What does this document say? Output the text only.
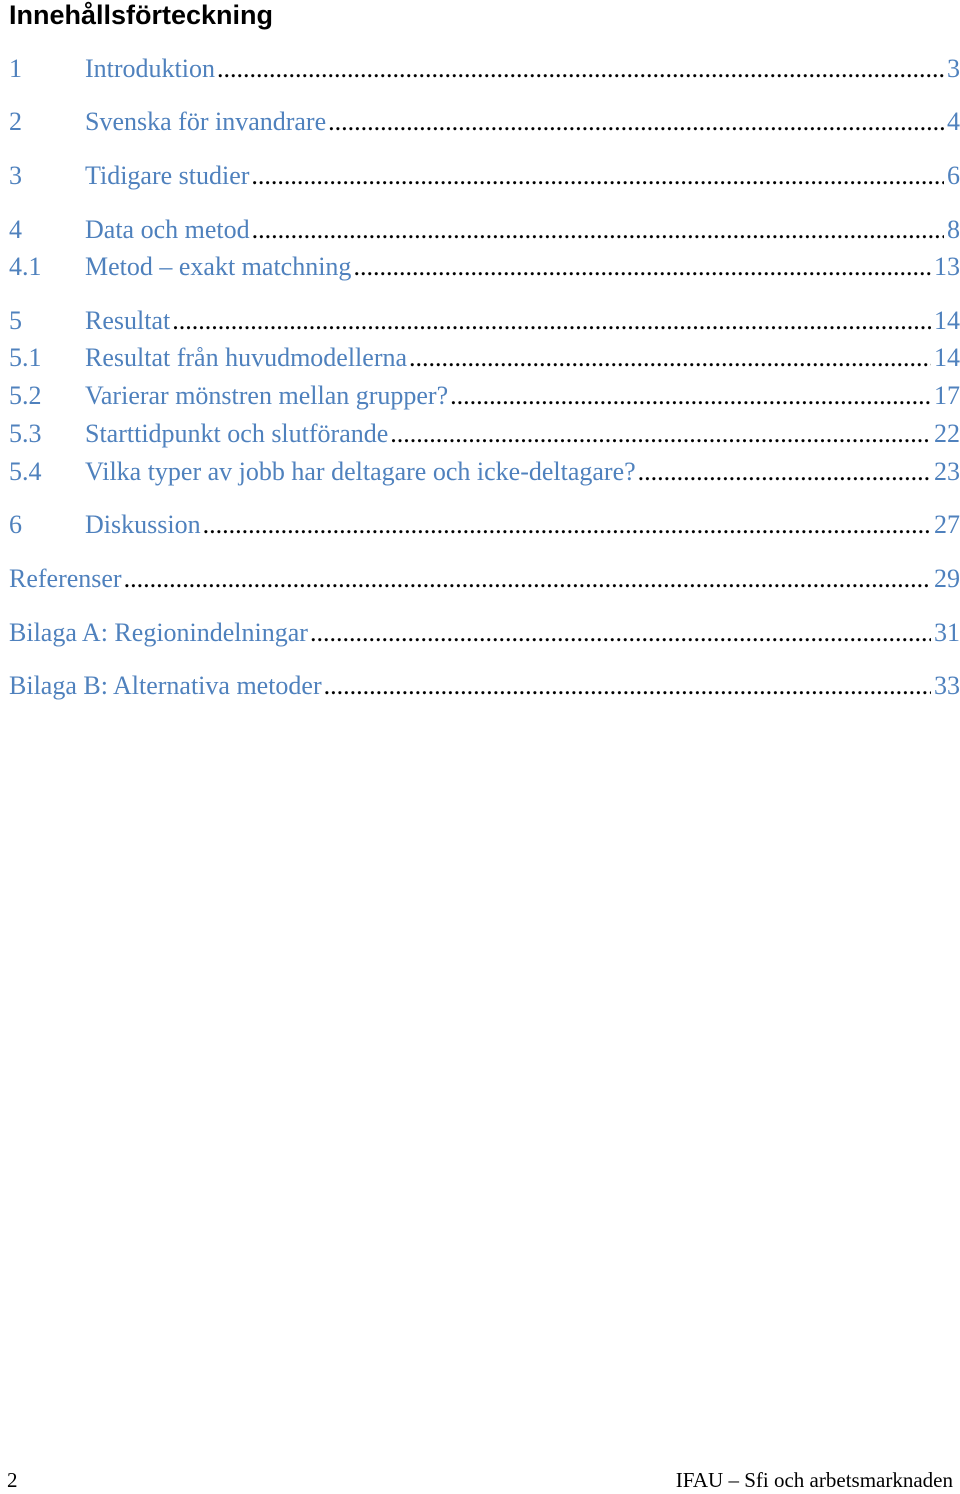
Innehållsförteckning
1	Introduktion .....	3
2	Svenska för invandrare .....	4
3	Tidigare studier .....	6
4	Data och metod .....	8
4.1	Metod – exakt matchning .....	13
5	Resultat .....	14
5.1	Resultat från huvudmodellerna .....	14
5.2	Varierar mönstren mellan grupper? .....	17
5.3	Starttidpunkt och slutförande .....	22
5.4	Vilka typer av jobb har deltagare och icke-deltagare? .....	23
6	Diskussion .....	27
Referenser .....	29
Bilaga A: Regionindelningar .....	31
Bilaga B: Alternativa metoder .....	33
2	IFAU – Sfi och arbetsmarknaden
